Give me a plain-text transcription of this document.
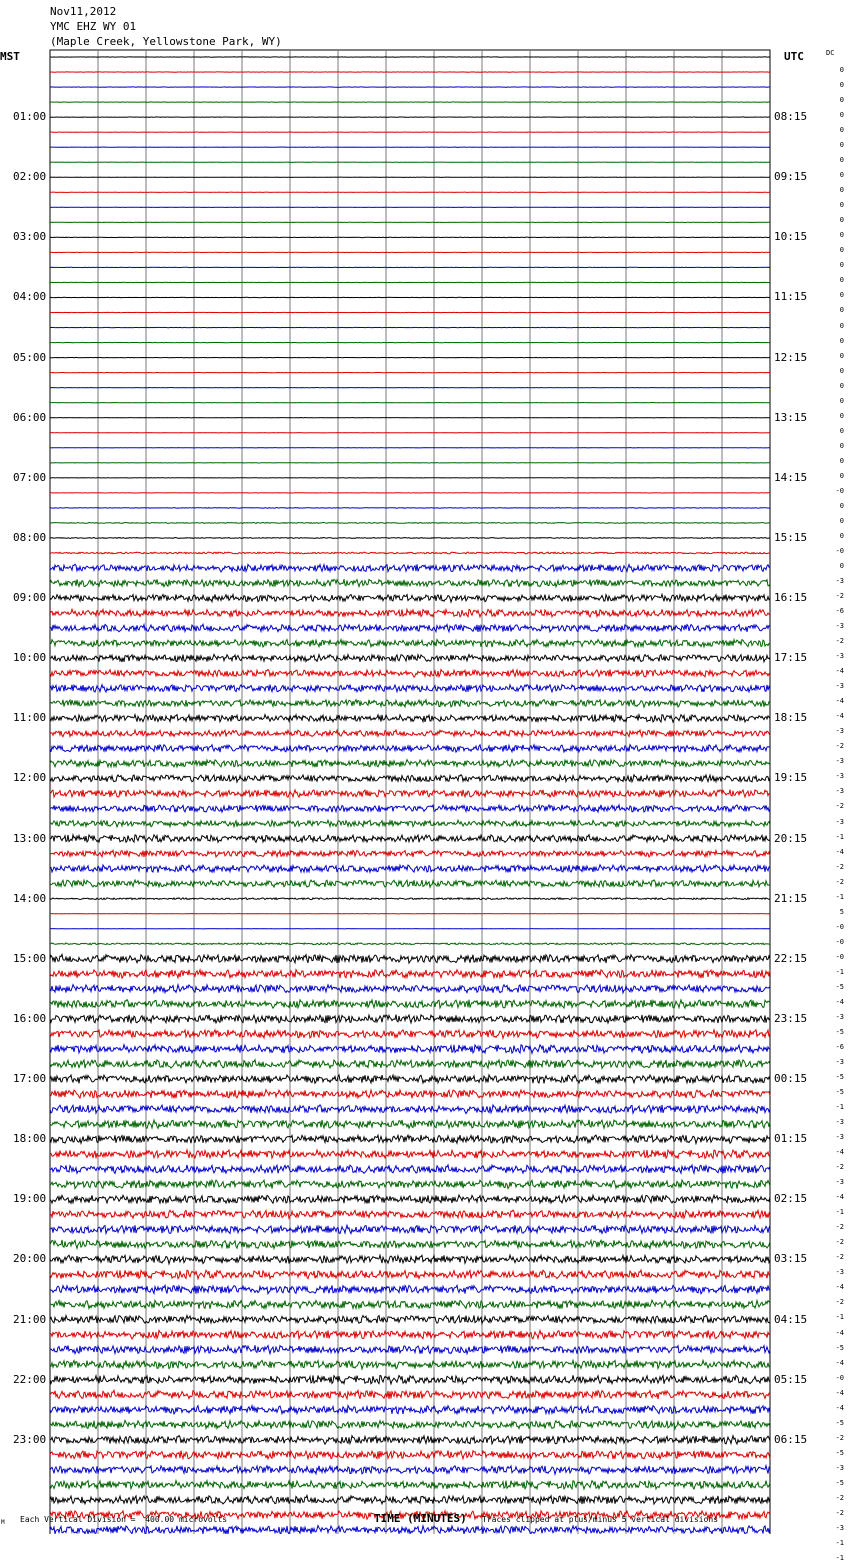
Nov11,2012
YMC EHZ WY 01
(Maple Creek, Yellowstone Park, WY)
MST	UTC	DC
01:00
02:00
03:00
04:00
05:00
06:00
07:00
08:00
09:00
10:00
11:00
12:00
13:00
14:00
15:00
16:00
17:00
18:00
19:00
20:00
21:00
22:00
23:00
08:15
09:15
10:15
11:15
12:15
13:15
14:15
15:15
16:15
17:15
18:15
19:15
20:15
21:15
22:15
23:15
00:15
01:15
02:15
03:15
04:15
05:15
06:15
0
0
0
0
0
0
0
0
0
0
0
0
0
0
0
0
0
0
0
0
0
0
0
0
0
0
0
0
-0
0
0
0
-0
0
-3
-2
-6
-3
-2
-3
-4
-3
-4
-4
-3
-2
-3
-3
-3
-2
-3
-1
-4
-2
-2
-1
5
-0
-0
-0
-1
-5
-4
-3
-5
-6
-3
-5
-5
-1
-3
-3
-4
-2
-3
-4
-1
-2
-2
-2
-3
-4
-2
-1
-4
-5
-4
-0
-4
-4
-5
-2
-5
-3
-5
-2
-2
-3
-1
-1
M Each Vertical Division =  400.00 microvolts	TIME (MINUTES) Traces clipped at plus/minus 5 vertical divisions
